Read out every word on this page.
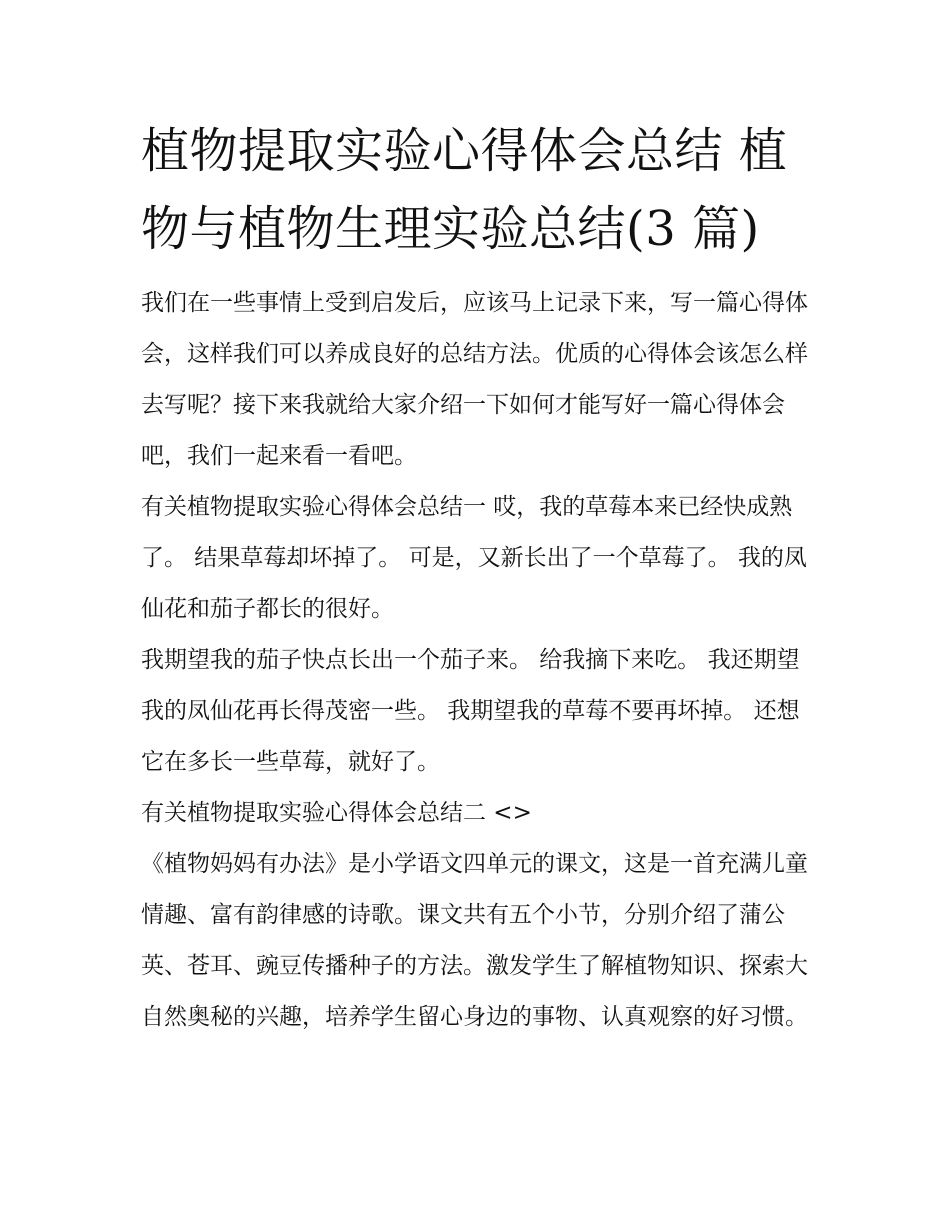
植物提取实验心得体会总结 植物与植物生理实验总结(3 篇)

我们在一些事情上受到启发后，应该马上记录下来，写一篇心得体会，这样我们可以养成良好的总结方法。优质的心得体会该怎么样去写呢？接下来我就给大家介绍一下如何才能写好一篇心得体会吧，我们一起来看一看吧。

有关植物提取实验心得体会总结一 哎，我的草莓本来已经快成熟了。 结果草莓却坏掉了。 可是，又新长出了一个草莓了。 我的凤仙花和茄子都长的很好。

我期望我的茄子快点长出一个茄子来。 给我摘下来吃。 我还期望我的凤仙花再长得茂密一些。 我期望我的草莓不要再坏掉。 还想它在多长一些草莓，就好了。

有关植物提取实验心得体会总结二 <>

《植物妈妈有办法》是小学语文四单元的课文，这是一首充满儿童情趣、富有韵律感的诗歌。课文共有五个小节，分别介绍了蒲公英、苍耳、豌豆传播种子的方法。激发学生了解植物知识、探索大自然奥秘的兴趣，培养学生留心身边的事物、认真观察的好习惯。
